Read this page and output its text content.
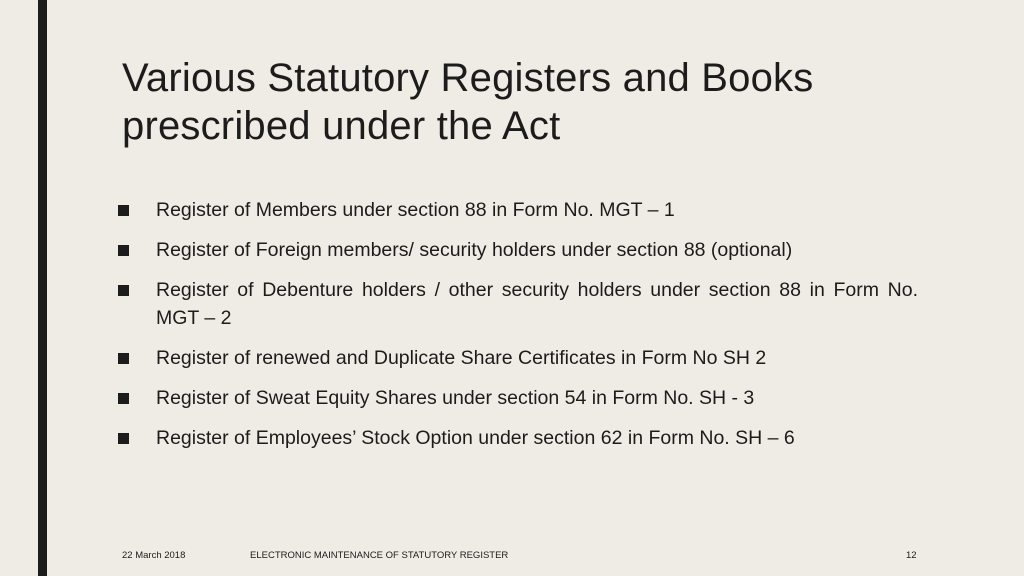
Various Statutory Registers and Books prescribed under the Act
Register of Members under section 88 in Form No. MGT – 1
Register of Foreign members/ security holders under section 88 (optional)
Register of Debenture holders / other security holders under section 88 in Form No. MGT – 2
Register of renewed and Duplicate Share Certificates in Form No SH 2
Register of Sweat Equity Shares under section 54 in Form No. SH - 3
Register of Employees’ Stock Option under section 62 in Form No. SH – 6
22 March 2018	ELECTRONIC MAINTENANCE OF STATUTORY REGISTER	12
